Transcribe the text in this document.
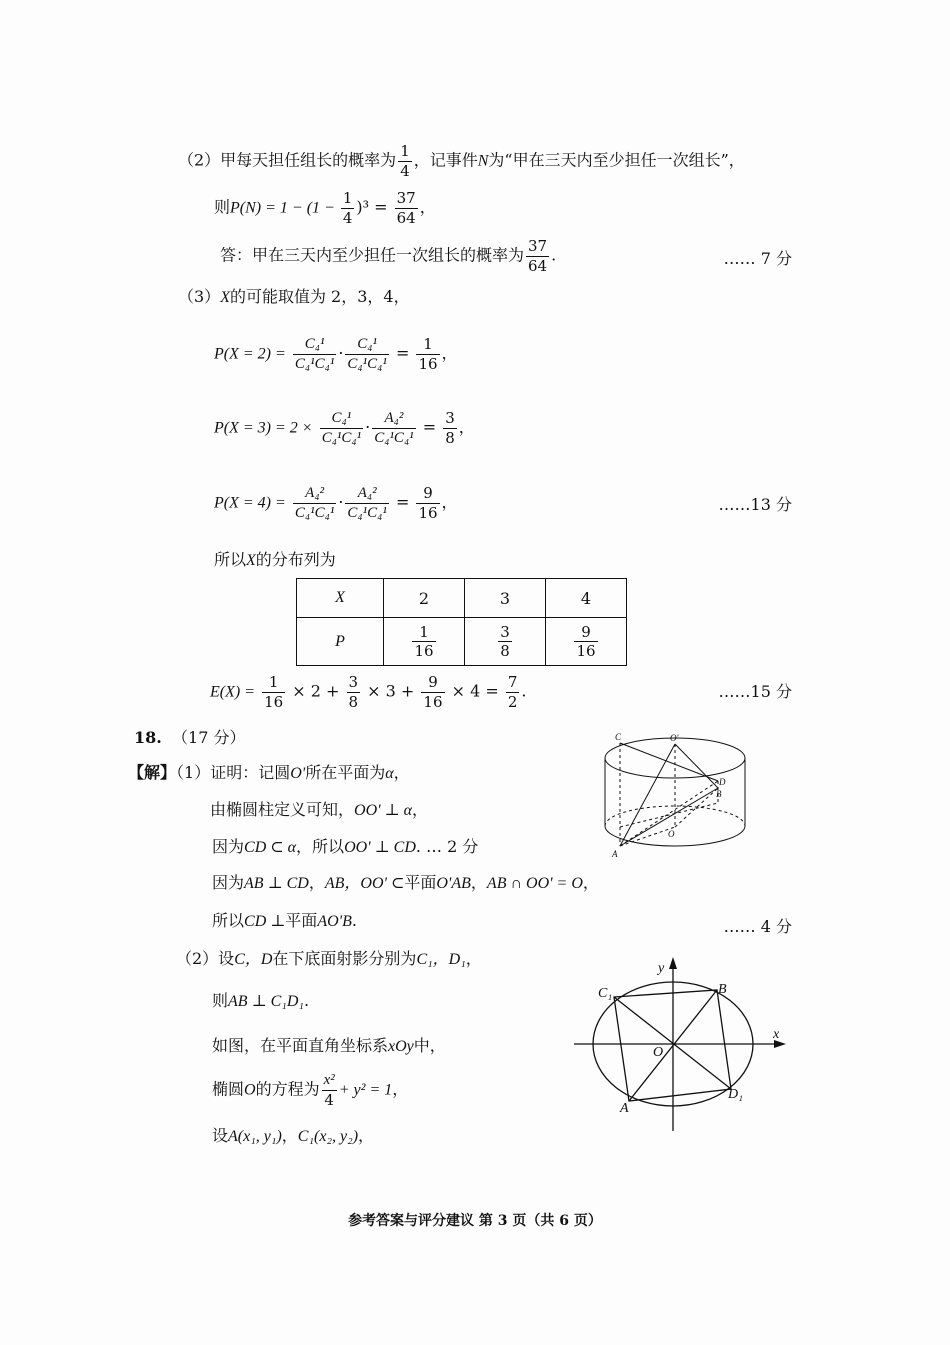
（2）甲每天担任组长的概率为 $\frac{1}{4}$ ，记事件N为“甲在三天内至少担任一次组长”，
则$P(N) = 1 - (1 - \frac{1}{4} )^3 = \frac{37}{64}$ ，
答：甲在三天内至少担任一次组长的概率为 $\frac{37}{64}$ .	…… 7 分
（3）X的可能取值为 2，3，4，
$P(X = 2) = \frac{\text{C₄¹}}{\text{C₄¹C₄¹}} \cdot \frac{\text{C₄¹}}{\text{C₄¹C₄¹}} = \frac{1}{16}$ ，
$P(X = 3) = 2 \times \frac{\text{C₄¹}}{\text{C₄¹C₄¹}} \cdot \frac{\text{A₄²}}{\text{C₄¹C₄¹}} = \frac{3}{8}$ ，
$P(X = 4) = \frac{\text{A₄²}}{\text{C₄¹C₄¹}} \cdot \frac{\text{A₄²}}{\text{C₄¹C₄¹}} = \frac{9}{16}$ ，	……13 分
所以X的分布列为
X	2	3	4
P	$\frac{1}{16}$	$\frac{3}{8}$	$\frac{9}{16}$
$E(X) = \frac{1}{16} \times 2 + \frac{3}{8} \times 3 + \frac{9}{16} \times 4 = \frac{7}{2}$ .	……15 分
18. （17 分）
【解】（1）证明：记圆O'所在平面为α，
由椭圆柱定义可知，OO' ⊥ α，
因为CD ⊂ α，所以OO' ⊥ CD. … 2 分
因为AB ⊥ CD，AB，OO' ⊂平面O'AB，AB ∩ OO' = O，
所以CD ⊥平面AO'B.	…… 4 分
（2）设C，D在下底面射影分别为C₁，D₁，
则AB ⊥ C₁D₁.
如图，在平面直角坐标系xOy中，
椭圆O的方程为 $\frac{\text{x²}}{4} + y^2 = 1$，
设A(x₁, y₁)，C₁(x₂, y₂)，
C	O'
D
B
O
A
y
x
C₁	B
O
A
D₁
参考答案与评分建议 第 3 页（共 6 页）
